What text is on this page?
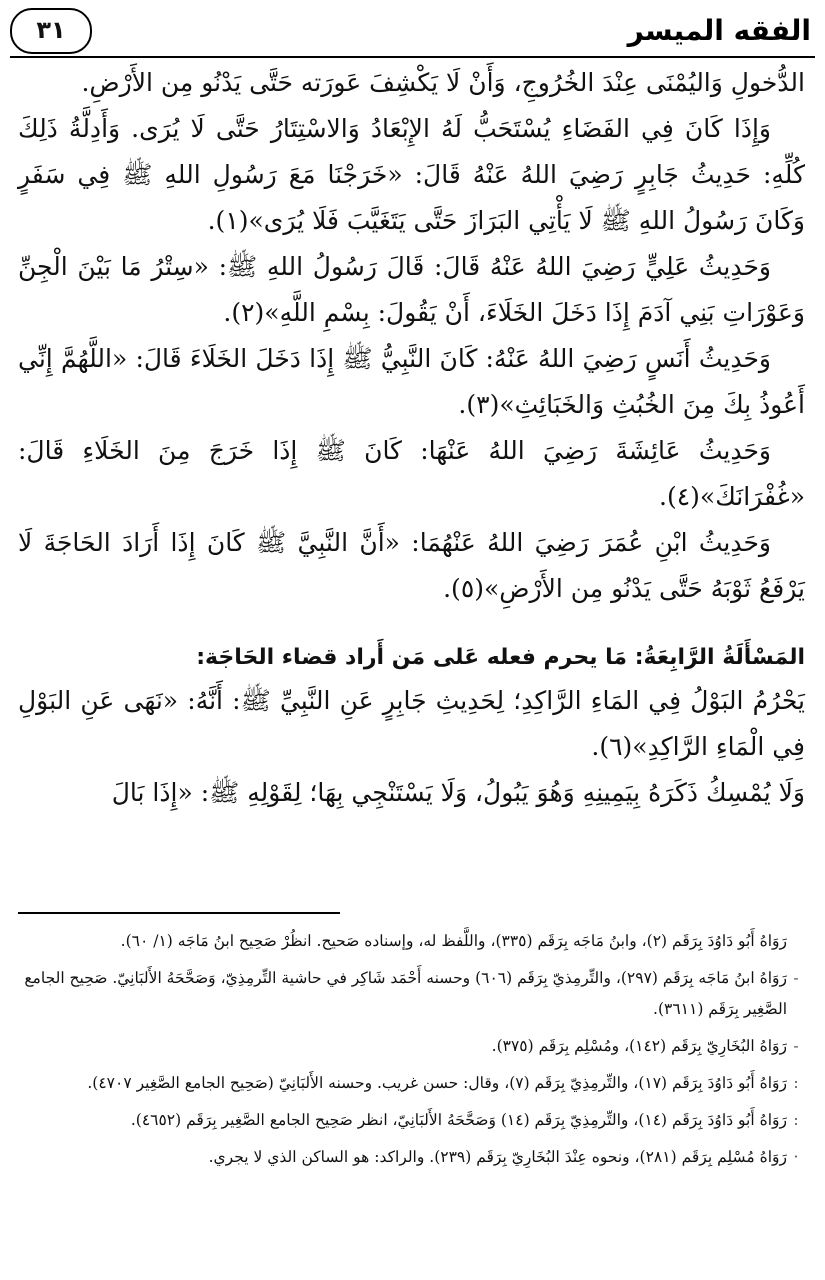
الفقه الميسر
٣١

الدُّخولِ وَاليُمْنَى عِنْدَ الخُرُوجِ، وَأَنْ لَا يَكْشِفَ عَورَته حَتَّى يَدْنُو مِن الأَرْضِ.

وَإِذَا كَانَ فِي الفَضَاءِ يُسْتَحَبُّ لَهُ الإِبْعَادُ وَالاسْتِتَارُ حَتَّى لَا يُرَى. وَأَدِلَّةُ ذَلِكَ كُلِّهِ: حَدِيثُ جَابِرٍ رَضِيَ اللهُ عَنْهُ قَالَ: «خَرَجْنَا مَعَ رَسُولِ اللهِ ﷺ فِي سَفَرٍ وَكَانَ رَسُولُ اللهِ ﷺ لَا يَأْتِي البَرَازَ حَتَّى يَتَغَيَّبَ فَلَا يُرَى»(١).

وَحَدِيثُ عَلِيٍّ رَضِيَ اللهُ عَنْهُ قَالَ: قَالَ رَسُولُ اللهِ ﷺ: «سِتْرُ مَا بَيْنَ الْجِنِّ وَعَوْرَاتِ بَنِي آدَمَ إِذَا دَخَلَ الخَلَاءَ، أَنْ يَقُولَ: بِسْمِ اللَّهِ»(٢).

وَحَدِيثُ أَنَسٍ رَضِيَ اللهُ عَنْهُ: كَانَ النَّبِيُّ ﷺ إِذَا دَخَلَ الخَلَاءَ قَالَ: «اللَّهُمَّ إِنِّي أَعُوذُ بِكَ مِنَ الخُبُثِ وَالخَبَائِثِ»(٣).

وَحَدِيثُ عَائِشَةَ رَضِيَ اللهُ عَنْهَا: كَانَ ﷺ إِذَا خَرَجَ مِنَ الخَلَاءِ قَالَ: «غُفْرَانَكَ»(٤).

وَحَدِيثُ ابْنِ عُمَرَ رَضِيَ اللهُ عَنْهُمَا: «أَنَّ النَّبِيَّ ﷺ كَانَ إِذَا أَرَادَ الحَاجَةَ لَا يَرْفَعُ ثَوْبَهُ حَتَّى يَدْنُو مِن الأَرْضِ»(٥).

المَسْأَلَةُ الرَّابِعَةُ: مَا يحرم فعله عَلى مَن أَراد قضاء الحَاجَة:

يَحْرُمُ البَوْلُ فِي المَاءِ الرَّاكِدِ؛ لِحَدِيثِ جَابِرٍ عَنِ النَّبِيِّ ﷺ: أَنَّهُ: «نَهَى عَنِ البَوْلِ فِي الْمَاءِ الرَّاكِدِ»(٦).

وَلَا يُمْسِكُ ذَكَرَهُ بِيَمِينِهِ وَهُوَ يَبُولُ، وَلَا يَسْتَنْجِي بِهَا؛ لِقَوْلِهِ ﷺ: «إِذَا بَالَ

رَوَاهُ أَبُو دَاوُدَ بِرَقَم (٢)، وابنُ مَاجَه بِرَقَم (٣٣٥)، واللَّفظ له، وإسناده صَحيح. انظُرْ صَحِيح ابنُ مَاجَه (١/ ٦٠).
-
رَوَاهُ ابنُ مَاجَه بِرَقَم (٢٩٧)، والتِّرمِذيّ بِرَقَم (٦٠٦) وحسنه أَحْمَد شَاكِر في حاشية التِّرمِذِيّ، وَصَحَّحَهُ الأَلبَانِيّ. صَحِيح الجامع الصَّغِير بِرَقَم (٣٦١١).
-
رَوَاهُ البُخَارِيّ بِرَقَم (١٤٢)، ومُسْلِم بِرَقَم (٣٧٥).
:
رَوَاهُ أَبُو دَاوُدَ بِرَقَم (١٧)، والتِّرمِذِيّ بِرَقَم (٧)، وقال: حسن غريب. وحسنه الأَلبَانِيّ (صَحِيح الجامع الصَّغِير ٤٧٠٧).
:
رَوَاهُ أَبُو دَاوُدَ بِرَقَم (١٤)، والتِّرمِذِيّ بِرَقَم (١٤) وَصَحَّحَهُ الأَلبَانِيّ، انظر صَحِيح الجامع الصَّغِير بِرَقَم (٤٦٥٢).
·
رَوَاهُ مُسْلِم بِرَقَم (٢٨١)، ونحوه عِنْدَ البُخَارِيّ بِرَقَم (٢٣٩). والراكد: هو الساكن الذي لا يجري.
